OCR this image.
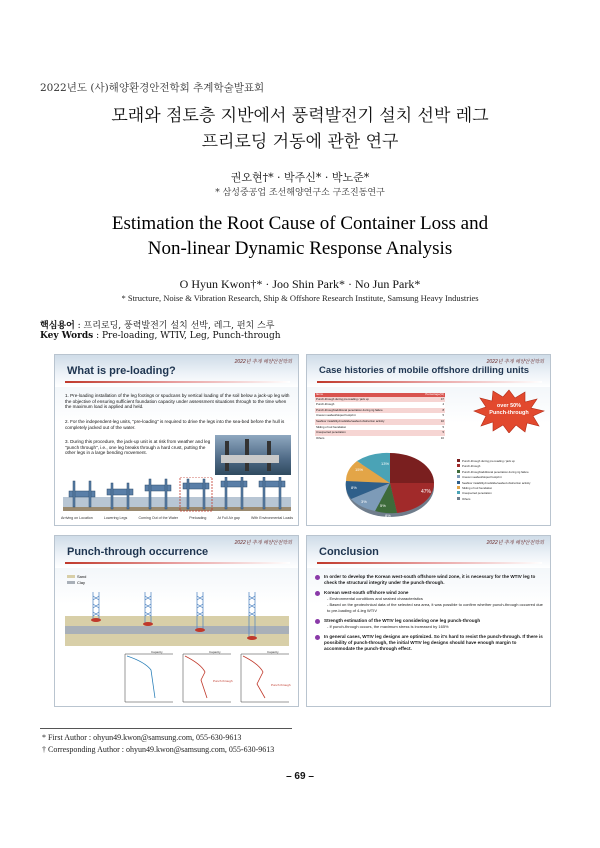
2022년도 (사)해양환경안전학회 추계학술발표회
모래와 점토층 지반에서 풍력발전기 설치 선박 레그
프리로딩 거동에 관한 연구
권오현†* · 박주신* · 박노준*
* 삼성중공업 조선해양연구소 구조진동연구
Estimation the Root Cause of Container Loss and
Non-linear Dynamic Response Analysis
O Hyun Kwon†* · Joo Shin Park* · No Jun Park*
* Structure, Noise & Vibration Research, Ship & Offshore Research Institute, Samsung Heavy Industries
핵심용어 : 프리로딩, 풍력발전기 설치 선박, 레그, 펀치 스루
Key Words : Pre-loading, WTIV, Leg, Punch-through
2022년 추계 해양안전학회
What is pre-loading?
1. Pre-loading installation of the leg footings or spudcans by vertical loading of the soil below a jack-up leg with the objective of ensuring sufficient foundation capacity under assessment situations through to the time when the maximum load is applied and held.
2. For the independent-leg units, "pre-loading" is required to drive the legs into the sea-bed before the hull is completely jacked out of the water.
3. During this procedure, the jack-up unit is at risk from weather and leg "punch through", i.e., one leg breaks through a hard crust, putting the other legs in a large bending movement.
Arriving on Location	Lowering Legs	Coming Out of the Water	Preloading	At Full Air gap	With Environmental Loads
2022년 추계 해양안전학회
Case histories of mobile offshore drilling units
Items	Percentage(%)
Punch-through during pre-loading / jack up	47
Punch-through	4
Punch-through/additional penetration during rig failure	8
Uneven seabed/sloped footprint	5
Seafloor instability/mudslide/seabed obstruction activity	10
Sliding of rod foundation	5
Unexpected penetration	5
Others	16
over 50%
Punch-through
47%
13%
15%
8%
3%
5%
8%
Punch-through during pre-loading / jack up
Punch-through
Punch-through/additional penetration during rig failure
Uneven seabed/sloped footprint
Seafloor instability/mudslide/seabed obstruction activity
Sliding of rod foundation
Unexpected penetration
Others
2022년 추계 해양안전학회
Punch-through occurrence
Sand
Clay
Capacity	Capacity	Capacity
Punch through
Punch through
2022년 추계 해양안전학회
Conclusion
In order to develop the Korean west-south offshore wind zone, it is necessary for the WTIV leg to check the structural integrity under the punch-through.
Korean west-south offshore wind zone
- Environmental conditions and seabed characteristics
- Based on the geotechnical data of the selected sea area, it was possible to confirm whether punch-through occurred due to pre-loading of 4-leg WTIV
Strength estimation of the WTIV leg considering one leg punch-through
- If punch-through occurs, the maximum stress is increased by 165%
In general cases, WTIV leg designs are optimized. So it's hard to resist the punch-through. If there is possibility of punch-through, the initial WTIV leg designs should have enough margin to accommodate the punch-through effect.
* First Author : ohyun49.kwon@samsung.com, 055-630-9613
† Corresponding Author : ohyun49.kwon@samsung.com, 055-630-9613
– 69 –
